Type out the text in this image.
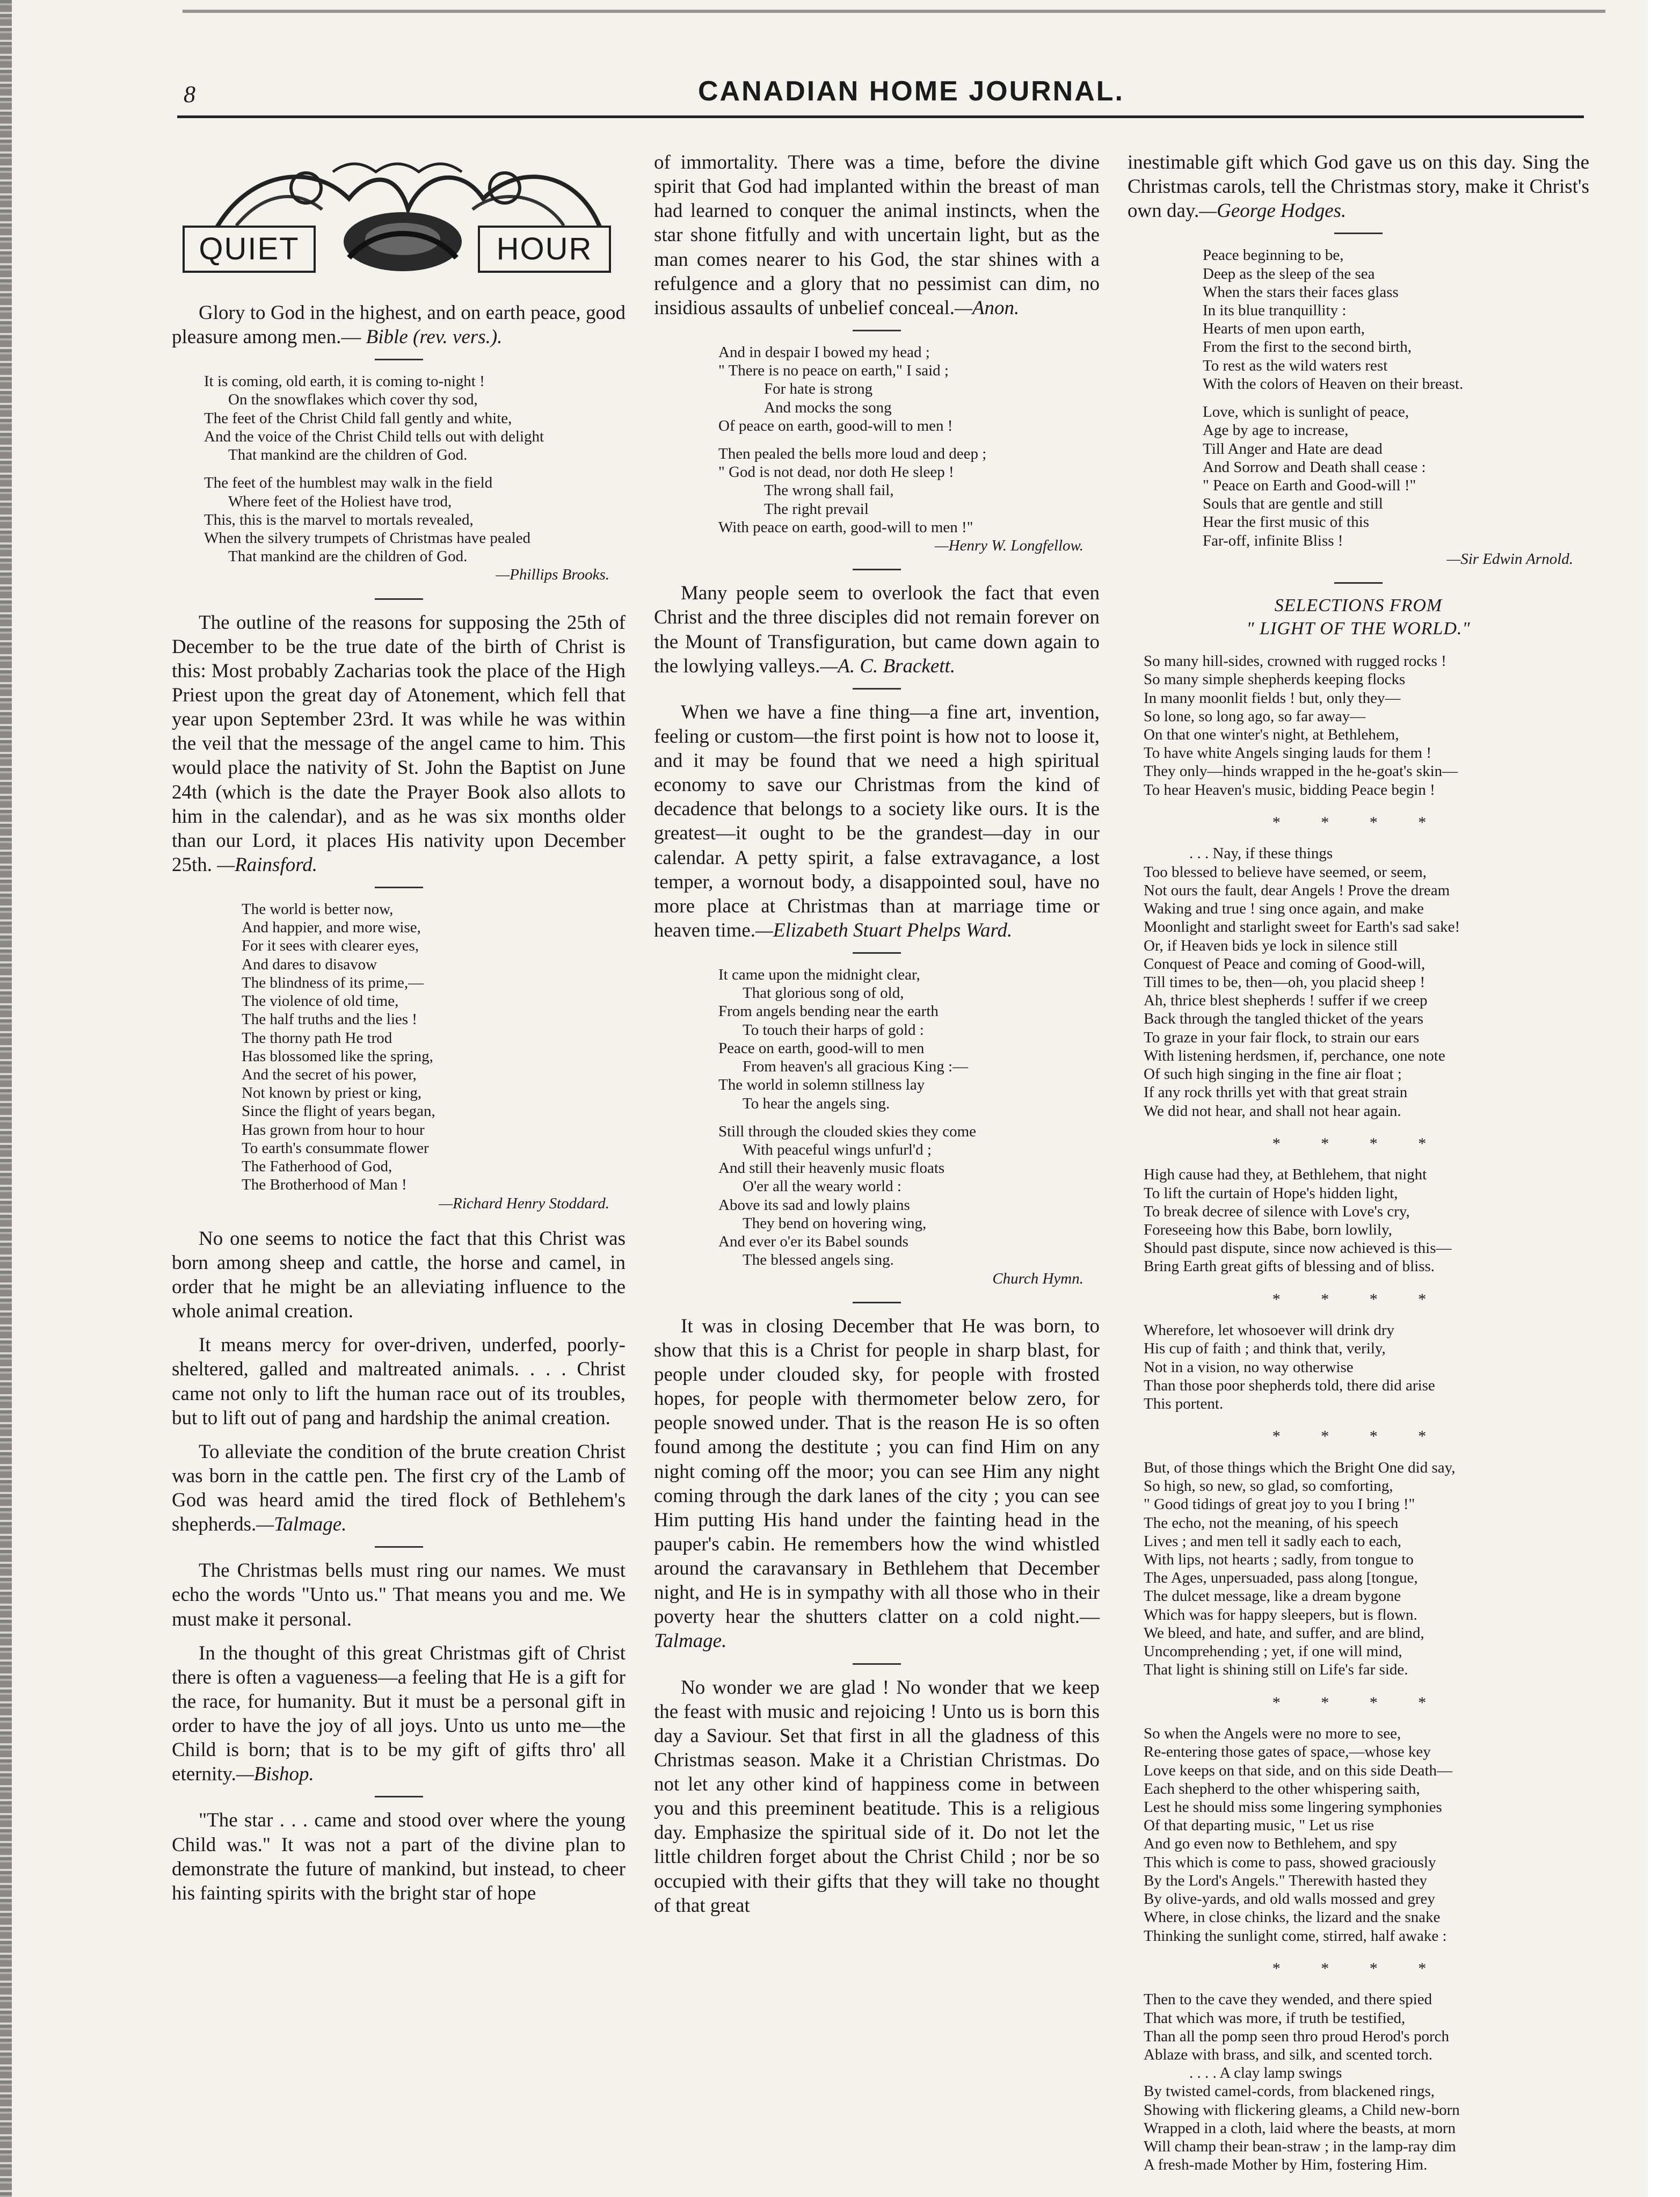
8	CANADIAN HOME JOURNAL.
QUIET	HOUR

Glory to God in the highest, and on earth peace, good pleasure among men.— Bible (rev. vers.).

It is coming, old earth, it is coming to-night !
On the snowflakes which cover thy sod,
The feet of the Christ Child fall gently and white,
And the voice of the Christ Child tells out with delight
That mankind are the children of God.
The feet of the humblest may walk in the field
Where feet of the Holiest have trod,
This, this is the marvel to mortals revealed,
When the silvery trumpets of Christmas have pealed
That mankind are the children of God.
—Phillips Brooks.

The outline of the reasons for supposing the 25th of December to be the true date of the birth of Christ is this: Most probably Zacharias took the place of the High Priest upon the great day of Atonement, which fell that year upon September 23rd. It was while he was within the veil that the message of the angel came to him. This would place the nativity of St. John the Baptist on June 24th (which is the date the Prayer Book also allots to him in the calendar), and as he was six months older than our Lord, it places His nativity upon December 25th. —Rainsford.

The world is better now,
And happier, and more wise,
For it sees with clearer eyes,
And dares to disavow
The blindness of its prime,—
The violence of old time,
The half truths and the lies !
The thorny path He trod
Has blossomed like the spring,
And the secret of his power,
Not known by priest or king,
Since the flight of years began,
Has grown from hour to hour
To earth's consummate flower
The Fatherhood of God,
The Brotherhood of Man !
—Richard Henry Stoddard.

No one seems to notice the fact that this Christ was born among sheep and cattle, the horse and camel, in order that he might be an alleviating influence to the whole animal creation.

It means mercy for over-driven, underfed, poorly-sheltered, galled and maltreated animals. . . . Christ came not only to lift the human race out of its troubles, but to lift out of pang and hardship the animal creation.

To alleviate the condition of the brute creation Christ was born in the cattle pen. The first cry of the Lamb of God was heard amid the tired flock of Bethlehem's shepherds.—Talmage.

The Christmas bells must ring our names. We must echo the words "Unto us." That means you and me. We must make it personal.

In the thought of this great Christmas gift of Christ there is often a vagueness—a feeling that He is a gift for the race, for humanity. But it must be a personal gift in order to have the joy of all joys. Unto us unto me—the Child is born; that is to be my gift of gifts thro' all eternity.—Bishop.

"The star . . . came and stood over where the young Child was." It was not a part of the divine plan to demonstrate the future of mankind, but instead, to cheer his fainting spirits with the bright star of hope

of immortality. There was a time, before the divine spirit that God had implanted within the breast of man had learned to conquer the animal instincts, when the star shone fitfully and with uncertain light, but as the man comes nearer to his God, the star shines with a refulgence and a glory that no pessimist can dim, no insidious assaults of unbelief conceal.—Anon.

And in despair I bowed my head ;
" There is no peace on earth," I said ;
For hate is strong
And mocks the song
Of peace on earth, good-will to men !
Then pealed the bells more loud and deep ;
" God is not dead, nor doth He sleep !
The wrong shall fail,
The right prevail
With peace on earth, good-will to men !"
—Henry W. Longfellow.

Many people seem to overlook the fact that even Christ and the three disciples did not remain forever on the Mount of Transfiguration, but came down again to the lowlying valleys.—A. C. Brackett.

When we have a fine thing—a fine art, invention, feeling or custom—the first point is how not to loose it, and it may be found that we need a high spiritual economy to save our Christmas from the kind of decadence that belongs to a society like ours. It is the greatest—it ought to be the grandest—day in our calendar. A petty spirit, a false extravagance, a lost temper, a wornout body, a disappointed soul, have no more place at Christmas than at marriage time or heaven time.—Elizabeth Stuart Phelps Ward.

It came upon the midnight clear,
That glorious song of old,
From angels bending near the earth
To touch their harps of gold :
Peace on earth, good-will to men
From heaven's all gracious King :—
The world in solemn stillness lay
To hear the angels sing.
Still through the clouded skies they come
With peaceful wings unfurl'd ;
And still their heavenly music floats
O'er all the weary world :
Above its sad and lowly plains
They bend on hovering wing,
And ever o'er its Babel sounds
The blessed angels sing.
Church Hymn.

It was in closing December that He was born, to show that this is a Christ for people in sharp blast, for people under clouded sky, for people with frosted hopes, for people with thermometer below zero, for people snowed under. That is the reason He is so often found among the destitute ; you can find Him on any night coming off the moor; you can see Him any night coming through the dark lanes of the city ; you can see Him putting His hand under the fainting head in the pauper's cabin. He remembers how the wind whistled around the caravansary in Bethlehem that December night, and He is in sympathy with all those who in their poverty hear the shutters clatter on a cold night.— Talmage.

No wonder we are glad ! No wonder that we keep the feast with music and rejoicing ! Unto us is born this day a Saviour. Set that first in all the gladness of this Christmas season. Make it a Christian Christmas. Do not let any other kind of happiness come in between you and this preeminent beatitude. This is a religious day. Emphasize the spiritual side of it. Do not let the little children forget about the Christ Child ; nor be so occupied with their gifts that they will take no thought of that great

inestimable gift which God gave us on this day. Sing the Christmas carols, tell the Christmas story, make it Christ's own day.—George Hodges.

Peace beginning to be,
Deep as the sleep of the sea
When the stars their faces glass
In its blue tranquillity :
Hearts of men upon earth,
From the first to the second birth,
To rest as the wild waters rest
With the colors of Heaven on their breast.
Love, which is sunlight of peace,
Age by age to increase,
Till Anger and Hate are dead
And Sorrow and Death shall cease :
" Peace on Earth and Good-will !"
Souls that are gentle and still
Hear the first music of this
Far-off, infinite Bliss !
—Sir Edwin Arnold.
SELECTIONS FROM
" LIGHT OF THE WORLD."
So many hill-sides, crowned with rugged rocks !
So many simple shepherds keeping flocks
In many moonlit fields ! but, only they—
So lone, so long ago, so far away—
On that one winter's night, at Bethlehem,
To have white Angels singing lauds for them !
They only—hinds wrapped in the he-goat's skin—
To hear Heaven's music, bidding Peace begin !
* * * *
. . . Nay, if these things
Too blessed to believe have seemed, or seem,
Not ours the fault, dear Angels ! Prove the dream
Waking and true ! sing once again, and make
Moonlight and starlight sweet for Earth's sad sake!
Or, if Heaven bids ye lock in silence still
Conquest of Peace and coming of Good-will,
Till times to be, then—oh, you placid sheep !
Ah, thrice blest shepherds ! suffer if we creep
Back through the tangled thicket of the years
To graze in your fair flock, to strain our ears
With listening herdsmen, if, perchance, one note
Of such high singing in the fine air float ;
If any rock thrills yet with that great strain
We did not hear, and shall not hear again.
* * * *
High cause had they, at Bethlehem, that night
To lift the curtain of Hope's hidden light,
To break decree of silence with Love's cry,
Foreseeing how this Babe, born lowlily,
Should past dispute, since now achieved is this—
Bring Earth great gifts of blessing and of bliss.
* * * *
Wherefore, let whosoever will drink dry
His cup of faith ; and think that, verily,
Not in a vision, no way otherwise
Than those poor shepherds told, there did arise
This portent.
* * * *
But, of those things which the Bright One did say,
So high, so new, so glad, so comforting,
" Good tidings of great joy to you I bring !"
The echo, not the meaning, of his speech
Lives ; and men tell it sadly each to each,
With lips, not hearts ; sadly, from tongue to
The Ages, unpersuaded, pass along [tongue,
The dulcet message, like a dream bygone
Which was for happy sleepers, but is flown.
We bleed, and hate, and suffer, and are blind,
Uncomprehending ; yet, if one will mind,
That light is shining still on Life's far side.
* * * *
So when the Angels were no more to see,
Re-entering those gates of space,—whose key
Love keeps on that side, and on this side Death—
Each shepherd to the other whispering saith,
Lest he should miss some lingering symphonies
Of that departing music, " Let us rise
And go even now to Bethlehem, and spy
This which is come to pass, showed graciously
By the Lord's Angels." Therewith hasted they
By olive-yards, and old walls mossed and grey
Where, in close chinks, the lizard and the snake
Thinking the sunlight come, stirred, half awake :
* * * *
Then to the cave they wended, and there spied
That which was more, if truth be testified,
Than all the pomp seen thro proud Herod's porch
Ablaze with brass, and silk, and scented torch.
. . . . A clay lamp swings
By twisted camel-cords, from blackened rings,
Showing with flickering gleams, a Child new-born
Wrapped in a cloth, laid where the beasts, at morn
Will champ their bean-straw ; in the lamp-ray dim
A fresh-made Mother by Him, fostering Him.
